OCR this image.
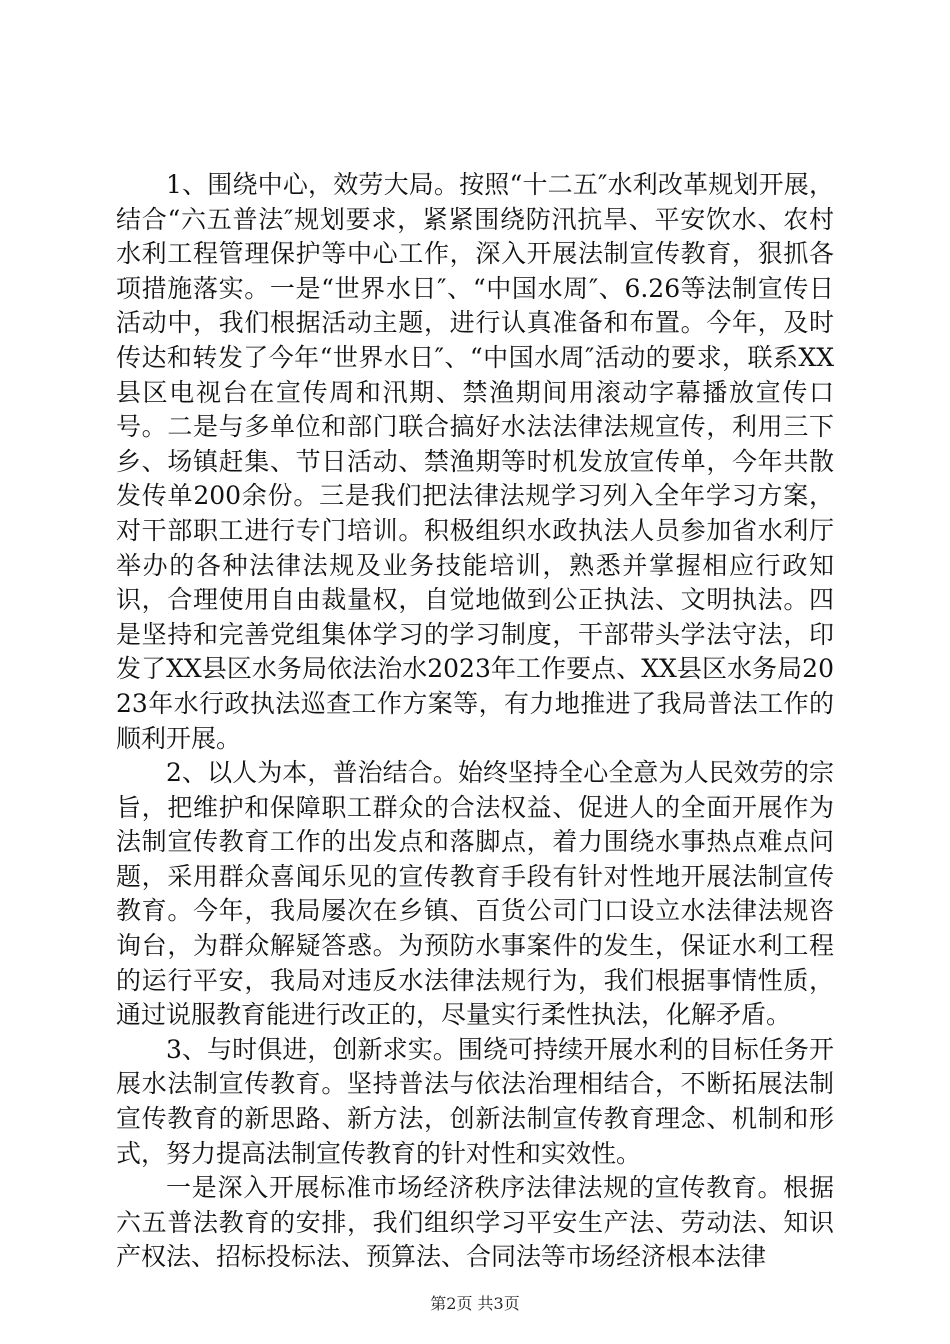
1、围绕中心，效劳大局。按照“十二五″水利改革规划开展，结合“六五普法″规划要求，紧紧围绕防汛抗旱、平安饮水、农村水利工程管理保护等中心工作，深入开展法制宣传教育，狠抓各项措施落实。一是“世界水日″、“中国水周″、6.26等法制宣传日活动中，我们根据活动主题，进行认真准备和布置。今年，及时传达和转发了今年“世界水日″、“中国水周″活动的要求，联系XX县区电视台在宣传周和汛期、禁渔期间用滚动字幕播放宣传口号。二是与多单位和部门联合搞好水法法律法规宣传，利用三下乡、场镇赶集、节日活动、禁渔期等时机发放宣传单，今年共散发传单200余份。三是我们把法律法规学习列入全年学习方案，对干部职工进行专门培训。积极组织水政执法人员参加省水利厅举办的各种法律法规及业务技能培训，熟悉并掌握相应行政知识，合理使用自由裁量权，自觉地做到公正执法、文明执法。四是坚持和完善党组集体学习的学习制度，干部带头学法守法，印发了XX县区水务局依法治水2023年工作要点、XX县区水务局2023年水行政执法巡查工作方案等，有力地推进了我局普法工作的顺利开展。

2、以人为本，普治结合。始终坚持全心全意为人民效劳的宗旨，把维护和保障职工群众的合法权益、促进人的全面开展作为法制宣传教育工作的出发点和落脚点，着力围绕水事热点难点问题，采用群众喜闻乐见的宣传教育手段有针对性地开展法制宣传教育。今年，我局屡次在乡镇、百货公司门口设立水法律法规咨询台，为群众解疑答惑。为预防水事案件的发生，保证水利工程的运行平安，我局对违反水法律法规行为，我们根据事情性质，通过说服教育能进行改正的，尽量实行柔性执法，化解矛盾。

3、与时俱进，创新求实。围绕可持续开展水利的目标任务开展水法制宣传教育。坚持普法与依法治理相结合，不断拓展法制宣传教育的新思路、新方法，创新法制宣传教育理念、机制和形式，努力提高法制宣传教育的针对性和实效性。

一是深入开展标准市场经济秩序法律法规的宣传教育。根据六五普法教育的安排，我们组织学习平安生产法、劳动法、知识产权法、招标投标法、预算法、合同法等市场经济根本法律

第2页 共3页
